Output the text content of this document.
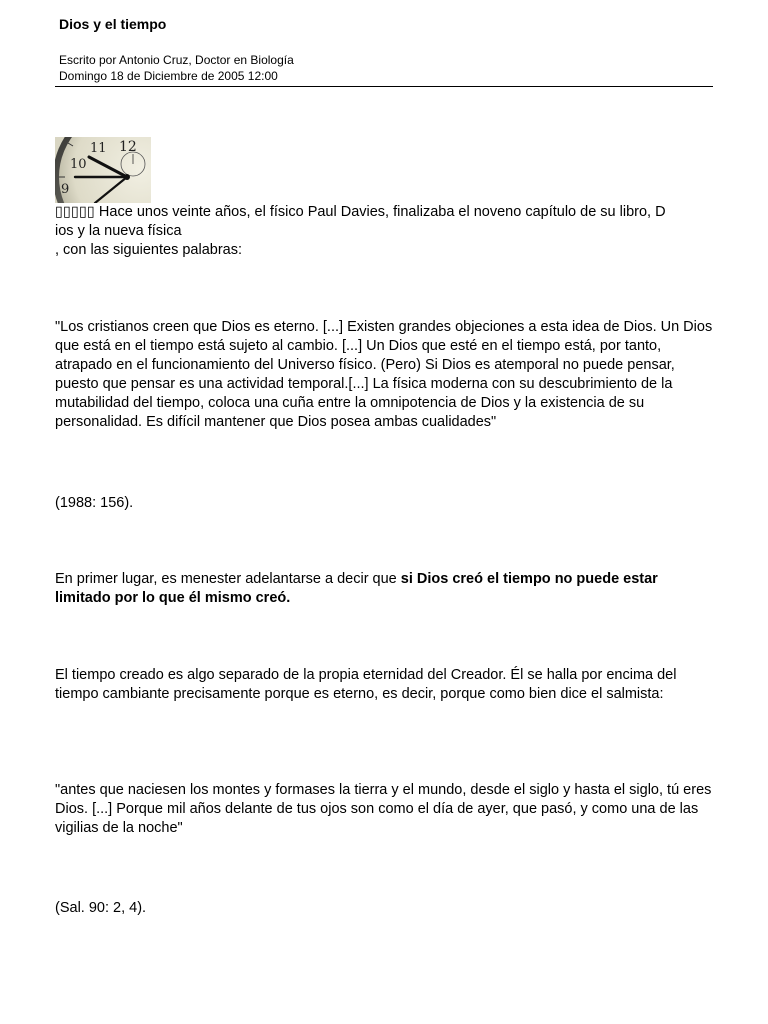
Dios y el tiempo
Escrito por Antonio Cruz, Doctor en Biología
Domingo 18 de Diciembre de 2005 12:00
12
11
10
9

▯▯▯▯▯ Hace unos veinte años, el físico Paul Davies, finalizaba el noveno capítulo de su libro, D
ios y la nueva física
, con las siguientes palabras:

"Los cristianos creen que Dios es eterno. [...] Existen grandes objeciones a esta idea de Dios. Un Dios que está en el tiempo está sujeto al cambio. [...] Un Dios que esté en el tiempo está, por tanto, atrapado en el funcionamiento del Universo físico. (Pero) Si Dios es atemporal no puede pensar, puesto que pensar es una actividad temporal.[...] La física moderna con su descubrimiento de la mutabilidad del tiempo, coloca una cuña entre la omnipotencia de Dios y la existencia de su personalidad. Es difícil mantener que Dios posea ambas cualidades"

(1988: 156).

En primer lugar, es menester adelantarse a decir que si Dios creó el tiempo no puede estar limitado por lo que él mismo creó.

El tiempo creado es algo separado de la propia eternidad del Creador. Él se halla por encima del tiempo cambiante precisamente porque es eterno, es decir, porque como bien dice el salmista:

"antes que naciesen los montes y formases la tierra y el mundo, desde el siglo y hasta el siglo, tú eres Dios. [...] Porque mil años delante de tus ojos son como el día de ayer, que pasó, y como una de las vigilias de la noche"

(Sal. 90: 2, 4).
